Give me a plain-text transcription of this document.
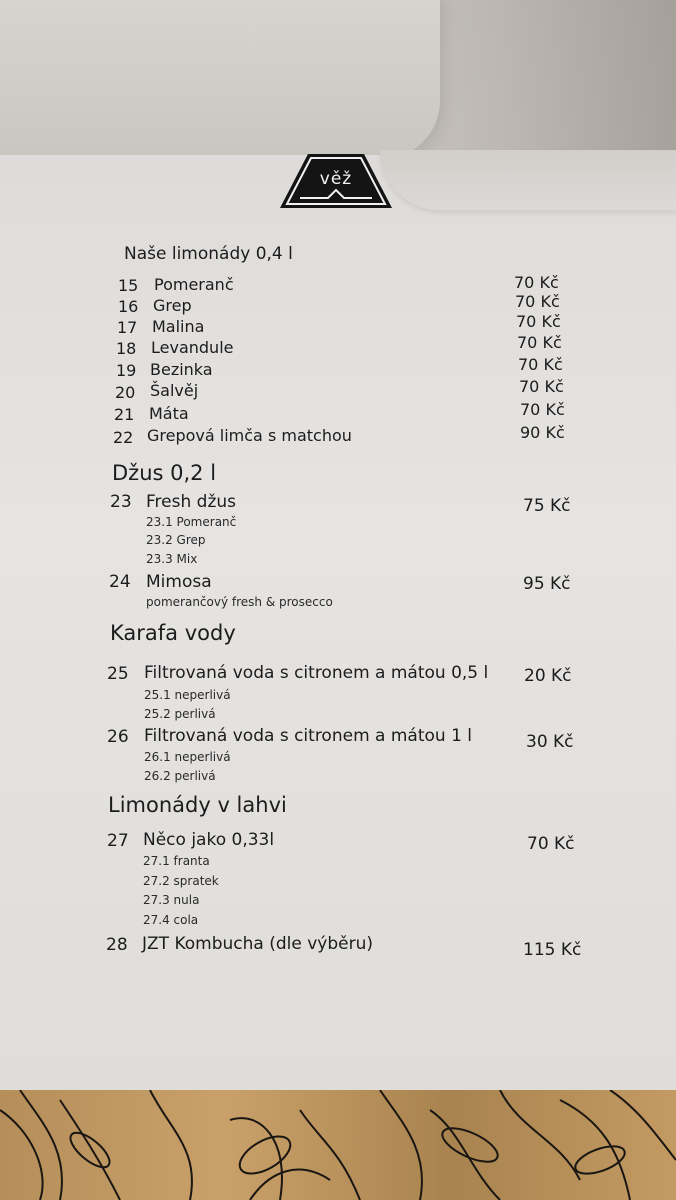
věž
Naše limonády 0,4 l
15 Pomeranč	70 Kč
16 Grep	70 Kč
17 Malina	70 Kč
18 Levandule	70 Kč
19 Bezinka	70 Kč
20 Šalvěj	70 Kč
21 Máta	70 Kč
22 Grepová limča s matchou	90 Kč
Džus 0,2 l
23 Fresh džus	75 Kč
23.1 Pomeranč
23.2 Grep
23.3 Mix
24 Mimosa	95 Kč
pomerančový fresh & prosecco
Karafa vody
25 Filtrovaná voda s citronem a mátou 0,5 l 20 Kč
25.1 neperlivá
25.2 perlivá
26 Filtrovaná voda s citronem a mátou 1 l	30 Kč
26.1 neperlivá
26.2 perlivá
Limonády v lahvi
27 Něco jako 0,33l	70 Kč
27.1 franta
27.2 spratek
27.3 nula
27.4 cola
28 JZT Kombucha (dle výběru)	115 Kč
